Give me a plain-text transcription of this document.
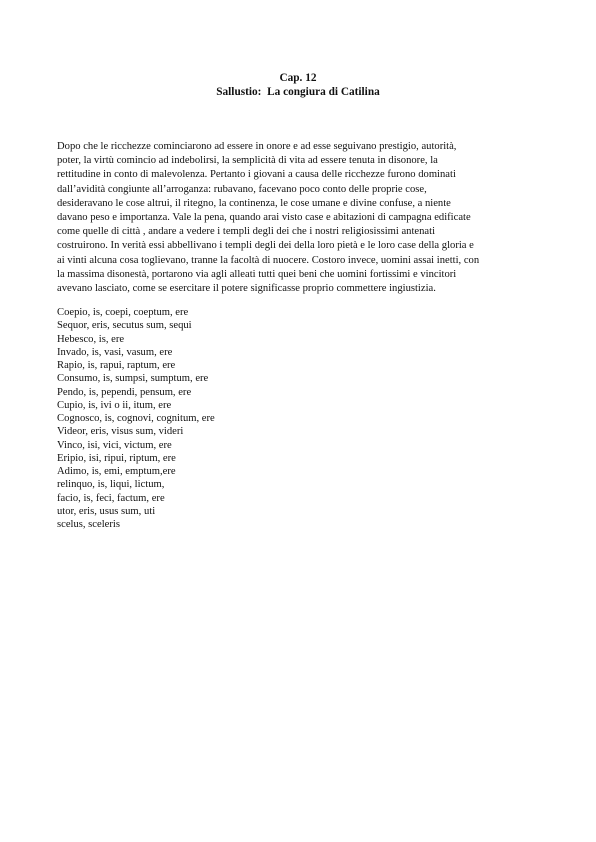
Cap. 12
Sallustio:  La congiura di Catilina
Dopo che le ricchezze cominciarono ad essere in onore e ad esse seguivano prestigio, autorità,
poter, la virtù comincio ad indebolirsi, la semplicità di vita ad essere tenuta in disonore, la
rettitudine in conto di malevolenza. Pertanto i giovani a causa delle ricchezze furono dominati
dall’avidità congiunte all’arroganza: rubavano, facevano poco conto delle proprie cose,
desideravano le cose altrui, il ritegno, la continenza, le cose umane e divine confuse, a niente
davano peso e importanza. Vale la pena, quando arai visto case e abitazioni di campagna edificate
come quelle di città , andare a vedere i templi degli dei che i nostri religiosissimi antenati
costruirono. In verità essi abbellivano i templi degli dei della loro pietà e le loro case della gloria e
ai vinti alcuna cosa toglievano, tranne la facoltà di nuocere. Costoro invece, uomini assai inetti, con
la massima disonestà, portarono via agli alleati tutti quei beni che uomini fortissimi e vincitori
avevano lasciato, come se esercitare il potere significasse proprio commettere ingiustizia.
Coepio, is, coepi, coeptum, ere
Sequor, eris, secutus sum, sequi
Hebesco, is, ere
Invado, is, vasi, vasum, ere
Rapio, is, rapui, raptum, ere
Consumo, is, sumpsi, sumptum, ere
Pendo, is, pependi, pensum, ere
Cupio, is, ivi o ii, itum, ere
Cognosco, is, cognovi, cognitum, ere
Videor, eris, visus sum, videri
Vinco, isi, vici, victum, ere
Eripio, isi, ripui, riptum, ere
Adimo, is, emi, emptum,ere
relinquo, is, liqui, lictum,
facio, is, feci, factum, ere
utor, eris, usus sum, uti
scelus, sceleris
